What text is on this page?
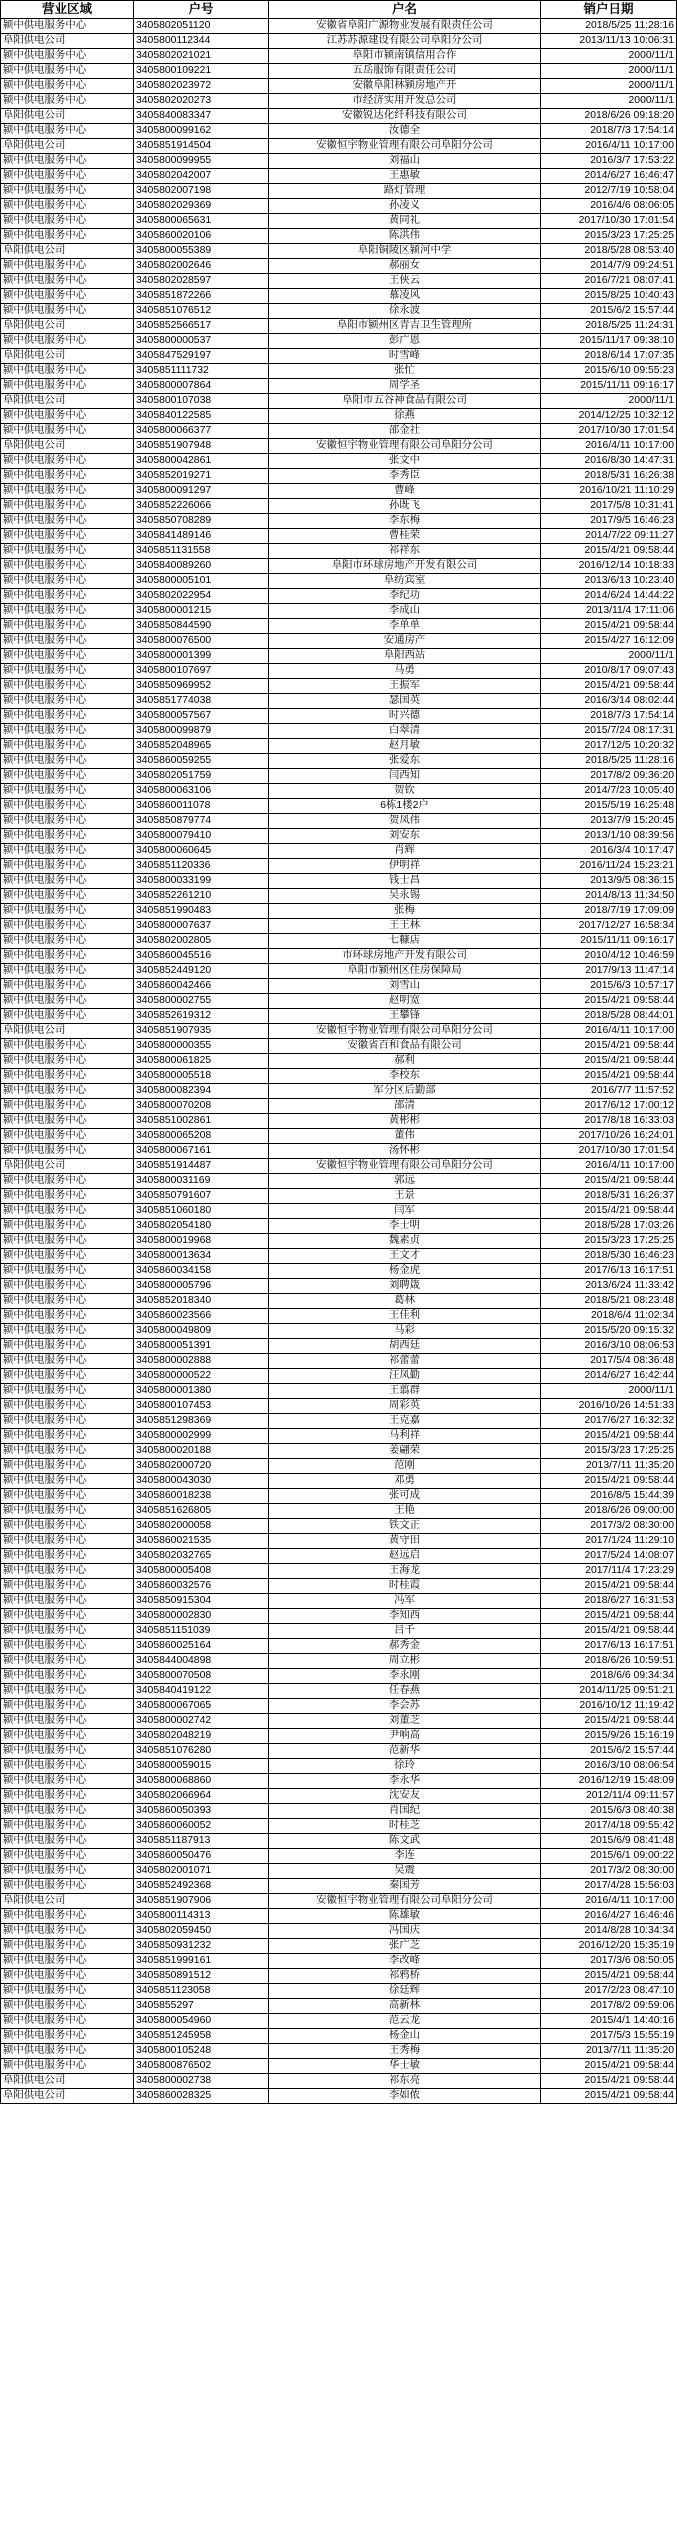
营业区域	户号	户名	销户日期
颍中供电服务中心	3405802051120	安徽省阜阳广源物业发展有限责任公司	2018/5/25 11:28:16
阜阳供电公司	3405800112344	江苏苏源建设有限公司阜阳分公司	2013/11/13 10:06:31
颍中供电服务中心	3405802021021	阜阳市颍南镇信用合作	2000/11/1
颍中供电服务中心	3405800109221	五岳服饰有限责任公司	2000/11/1
颍中供电服务中心	3405802023972	安徽阜阳林颍房地产开	2000/11/1
颍中供电服务中心	3405802020273	市经济实用开发总公司	2000/11/1
阜阳供电公司	3405840083347	安徽锐达化纤科技有限公司	2018/6/26 09:18:20
颍中供电服务中心	3405800099162	汝德全	2018/7/3 17:54:14
阜阳供电公司	3405851914504	安徽恒宇物业管理有限公司阜阳分公司	2016/4/11 10:17:00
颍中供电服务中心	3405800099955	刘福山	2016/3/7 17:53:22
颍中供电服务中心	3405802042007	王惠敏	2014/6/27 16:46:47
颍中供电服务中心	3405802007198	路灯管理	2012/7/19 10:58:04
颍中供电服务中心	3405802029369	孙凌义	2016/4/6 08:06:05
颍中供电服务中心	3405800065631	黄同礼	2017/10/30 17:01:54
颍中供电服务中心	3405860020106	陈洪伟	2015/3/23 17:25:25
阜阳供电公司	3405800055389	阜阳铜陵区颍河中学	2018/5/28 08:53:40
颍中供电服务中心	3405802002646	郝丽女	2014/7/9 09:24:51
颍中供电服务中心	3405802028597	王侠云	2016/7/21 08:07:41
颍中供电服务中心	3405851872266	慕凌风	2015/8/25 10:40:43
颍中供电服务中心	3405851076512	徐永波	2015/6/2 15:57:44
阜阳供电公司	3405852566517	阜阳市颍州区青吉卫生管理所	2018/5/25 11:24:31
颍中供电服务中心	3405800000537	彭广恩	2015/11/17 09:38:10
阜阳供电公司	3405847529197	时雪峰	2018/6/14 17:07:35
颍中供电服务中心	3405851111732	张忙	2015/6/10 09:55:23
颍中供电服务中心	3405800007864	周学圣	2015/11/11 09:16:17
阜阳供电公司	3405800107038	阜阳市五谷神食品有限公司	2000/11/1
颍中供电服务中心	3405840122585	徐燕	2014/12/25 10:32:12
颍中供电服务中心	3405800066377	邵金社	2017/10/30 17:01:54
阜阳供电公司	3405851907948	安徽恒宇物业管理有限公司阜阳分公司	2016/4/11 10:17:00
颍中供电服务中心	3405800042861	张文中	2016/8/30 14:47:31
颍中供电服务中心	3405852019271	李秀臣	2018/5/31 16:26:38
颍中供电服务中心	3405800091297	曹峰	2016/10/21 11:10:29
颍中供电服务中心	3405852226066	孙既飞	2017/5/8 10:31:41
颍中供电服务中心	3405850708289	李东梅	2017/9/5 16:46:23
颍中供电服务中心	3405841489146	曹桂荣	2014/7/22 09:11:27
颍中供电服务中心	3405851131558	祁祥东	2015/4/21 09:58:44
颍中供电服务中心	3405840089260	阜阳市环球房地产开发有限公司	2016/12/14 10:18:33
颍中供电服务中心	3405800005101	阜纺宾室	2013/6/13 10:23:40
颍中供电服务中心	3405802022954	李纪功	2014/6/24 14:44:22
颍中供电服务中心	3405800001215	李成山	2013/11/4 17:11:06
颍中供电服务中心	3405850844590	李单单	2015/4/21 09:58:44
颍中供电服务中心	3405800076500	安通房产	2015/4/27 16:12:09
颍中供电服务中心	3405800001399	阜阳西站	2000/11/1
颍中供电服务中心	3405800107697	马勇	2010/8/17 09:07:43
颍中供电服务中心	3405850969952	王振军	2015/4/21 09:58:44
颍中供电服务中心	3405851774038	瑟国英	2016/3/14 08:02:44
颍中供电服务中心	3405800057567	时兴德	2018/7/3 17:54:14
颍中供电服务中心	3405800099879	白翠清	2015/7/24 08:17:31
颍中供电服务中心	3405852048965	赵月敏	2017/12/5 10:20:32
颍中供电服务中心	3405860059255	张爱东	2018/5/25 11:28:16
颍中供电服务中心	3405802051759	闫西知	2017/8/2 09:36:20
颍中供电服务中心	3405800063106	贺钦	2014/7/23 10:05:40
颍中供电服务中心	3405860011078	6栋1楼2户	2015/5/19 16:25:48
颍中供电服务中心	3405850879774	贺凤伟	2013/7/9 15:20:45
颍中供电服务中心	3405800079410	刘安东	2013/1/10 08:39:56
颍中供电服务中心	3405800060645	肖辉	2016/3/4 10:17:47
颍中供电服务中心	3405851120336	伊明祥	2016/11/24 15:23:21
颍中供电服务中心	3405800033199	钱士昌	2013/9/5 08:36:15
颍中供电服务中心	3405852261210	吴永锡	2014/8/13 11:34:50
颍中供电服务中心	3405851990483	张梅	2018/7/19 17:09:09
颍中供电服务中心	3405800007637	王王林	2017/12/27 16:58:34
颍中供电服务中心	3405802002805	七糠店	2015/11/11 09:16:17
颍中供电服务中心	3405860045516	市环球房地产开发有限公司	2010/4/12 10:46:59
颍中供电服务中心	3405852449120	阜阳市颍州区住房保障局	2017/9/13 11:47:14
颍中供电服务中心	3405860042466	刘雪山	2015/6/3 10:57:17
颍中供电服务中心	3405800002755	赵明宽	2015/4/21 09:58:44
颍中供电服务中心	3405852619312	王攀锋	2018/5/28 08:44:01
阜阳供电公司	3405851907935	安徽恒宇物业管理有限公司阜阳分公司	2016/4/11 10:17:00
颍中供电服务中心	3405800000355	安徽省百和食品有限公司	2015/4/21 09:58:44
颍中供电服务中心	3405800061825	郝利	2015/4/21 09:58:44
颍中供电服务中心	3405800005518	李校东	2015/4/21 09:58:44
颍中供电服务中心	3405800082394	军分区后勤部	2016/7/7 11:57:52
颍中供电服务中心	3405800070208	邵清	2017/6/12 17:00:12
颍中供电服务中心	3405851002861	黄彬彬	2017/8/18 16:33:03
颍中供电服务中心	3405800065208	董伟	2017/10/26 16:24:01
颍中供电服务中心	3405800067161	汤怀彬	2017/10/30 17:01:54
阜阳供电公司	3405851914487	安徽恒宇物业管理有限公司阜阳分公司	2016/4/11 10:17:00
颍中供电服务中心	3405800031169	郭远	2015/4/21 09:58:44
颍中供电服务中心	3405850791607	王景	2018/5/31 16:26:37
颍中供电服务中心	3405851060180	闫军	2015/4/21 09:58:44
颍中供电服务中心	3405802054180	李士明	2018/5/28 17:03:26
颍中供电服务中心	3405800019968	魏素贞	2015/3/23 17:25:25
颍中供电服务中心	3405800013634	王文才	2018/5/30 16:46:23
颍中供电服务中心	3405860034158	杨金虎	2017/6/13 16:17:51
颍中供电服务中心	3405800005796	刘聘箴	2013/6/24 11:33:42
颍中供电服务中心	3405852018340	葛林	2018/5/21 08:23:48
颍中供电服务中心	3405860023566	王佳利	2018/6/4 11:02:34
颍中供电服务中心	3405800049809	马彩	2015/5/20 09:15:32
颍中供电服务中心	3405800051391	胡西廷	2016/3/10 08:06:53
颍中供电服务中心	3405800002888	祁蕾蕾	2017/5/4 08:36:48
颍中供电服务中心	3405800000522	汪凤勤	2014/6/27 16:42:44
颍中供电服务中心	3405800001380	王翦群	2000/11/1
颍中供电服务中心	3405800107453	周彩英	2016/10/26 14:51:33
颍中供电服务中心	3405851298369	王克嘉	2017/6/27 16:32:32
颍中供电服务中心	3405800002999	马利祥	2015/4/21 09:58:44
颍中供电服务中心	3405800020188	姜翩荣	2015/3/23 17:25:25
颍中供电服务中心	3405802000720	范刚	2013/7/11 11:35:20
颍中供电服务中心	3405800043030	邓勇	2015/4/21 09:58:44
颍中供电服务中心	3405860018238	张可成	2016/8/5 15:44:39
颍中供电服务中心	3405851626805	王艳	2018/6/26 09:00:00
颍中供电服务中心	3405802000058	铁文正	2017/3/2 08:30:00
颍中供电服务中心	3405860021535	黄守田	2017/1/24 11:29:10
颍中供电服务中心	3405802032765	赵远启	2017/5/24 14:08:07
颍中供电服务中心	3405800005408	王海龙	2017/11/4 17:23:29
颍中供电服务中心	3405860032576	时桂霞	2015/4/21 09:58:44
颍中供电服务中心	3405850915304	冯军	2018/6/27 16:31:53
颍中供电服务中心	3405800002830	李知西	2015/4/21 09:58:44
颍中供电服务中心	3405851151039	吕千	2015/4/21 09:58:44
颍中供电服务中心	3405860025164	郝秀金	2017/6/13 16:17:51
颍中供电服务中心	3405844004898	周立彬	2018/6/26 10:59:51
颍中供电服务中心	3405800070508	李永刚	2018/6/6 09:34:34
颍中供电服务中心	3405840419122	任春燕	2014/11/25 09:51:21
颍中供电服务中心	3405800067065	李会苏	2016/10/12 11:19:42
颍中供电服务中心	3405800002742	刘董芝	2015/4/21 09:58:44
颍中供电服务中心	3405802048219	尹响高	2015/9/26 15:16:19
颍中供电服务中心	3405851076280	范新华	2015/6/2 15:57:44
颍中供电服务中心	3405800059015	徐玲	2016/3/10 08:06:54
颍中供电服务中心	3405800068860	李永华	2016/12/19 15:48:09
颍中供电服务中心	3405802066964	沈安友	2012/11/4 09:11:57
颍中供电服务中心	3405860050393	肖国纪	2015/6/3 08:40:38
颍中供电服务中心	3405860060052	时桂芝	2017/4/18 09:55:42
颍中供电服务中心	3405851187913	陈文武	2015/6/9 08:41:48
颍中供电服务中心	3405860050476	李连	2015/6/1 09:00:22
颍中供电服务中心	3405802001071	吴震	2017/3/2 08:30:00
颍中供电服务中心	3405852492368	秦国芳	2017/4/28 15:56:03
阜阳供电公司	3405851907906	安徽恒宇物业管理有限公司阜阳分公司	2016/4/11 10:17:00
颍中供电服务中心	3405800114313	陈雄敏	2016/4/27 16:46:46
颍中供电服务中心	3405802059450	冯国庆	2014/8/28 10:34:34
颍中供电服务中心	3405850931232	张广芝	2016/12/20 15:35:19
颍中供电服务中心	3405851999161	李改峰	2017/3/6 08:50:05
颍中供电服务中心	3405850891512	祁鸦桥	2015/4/21 09:58:44
颍中供电服务中心	3405851123058	徐廷辉	2017/2/23 08:47:10
颍中供电服务中心	3405855297	高新林	2017/8/2 09:59:06
颍中供电服务中心	3405800054960	范云龙	2015/4/1 14:40:16
颍中供电服务中心	3405851245958	杨金山	2017/5/3 15:55:19
颍中供电服务中心	3405800105248	王秀梅	2013/7/11 11:35:20
颍中供电服务中心	3405800876502	华士敏	2015/4/21 09:58:44
阜阳供电公司	3405800002738	祁东亮	2015/4/21 09:58:44
阜阳供电公司	3405860028325	李如侬	2015/4/21 09:58:44
